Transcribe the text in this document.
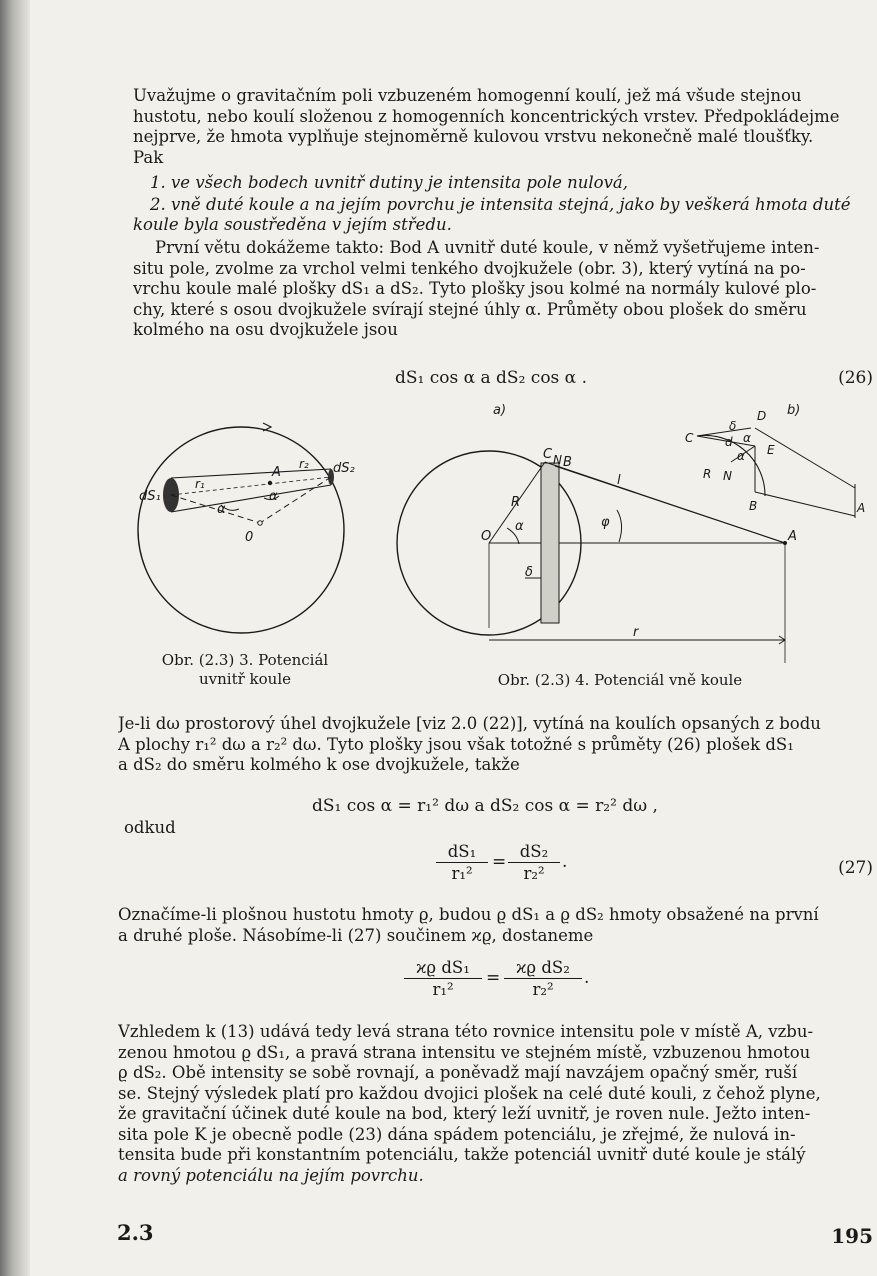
Uvažujme o gravitačním poli vzbuzeném homogenní koulí, jež má všude stejnou
hustotu, nebo koulí složenou z homogenních koncentrických vrstev. Předpokládejme
nejprve, že hmota vyplňuje stejnoměrně kulovou vrstvu nekonečně malé tloušťky.
Pak
1. ve všech bodech uvnitř dutiny je intensita pole nulová,
2. vně duté koule a na jejím povrchu je intensita stejná, jako by veškerá hmota duté
koule byla soustředěna v jejím středu.
První větu dokážeme takto: Bod A uvnitř duté koule, v němž vyšetřujeme inten-
situ pole, zvolme za vrchol velmi tenkého dvojkužele (obr. 3), který vytíná na po-
vrchu koule malé plošky dS₁ a dS₂. Tyto plošky jsou kolmé na normály kulové plo-
chy, které s osou dvojkužele svírají stejné úhly α. Průměty obou plošek do směru
kolmého na osu dvojkužele jsou
dS₁ cos α a dS₂ cos α .	(26)
dS₁
dS₂
r₁
r₂
A
0
α
α
Obr. (2.3) 3. Potenciál
uvnitř koule
a)	b)
C N B
l
R
O
α	φ
δ
A
r
C
D
δ
d α
α E
R N
B	A
Obr. (2.3) 4. Potenciál vně koule
Je-li dω prostorový úhel dvojkužele [viz 2.0 (22)], vytíná na koulích opsaných z bodu
A plochy r₁² dω a r₂² dω. Tyto plošky jsou však totožné s průměty (26) plošek dS₁
a dS₂ do směru kolmého k ose dvojkužele, takže
dS₁ cos α = r₁² dω a dS₂ cos α = r₂² dω ,
odkud
$\frac{\text{dS₁}}{\text{r₁²}} = \frac{\text{dS₂}}{\text{r₂²}}$ .	(27)
Označíme-li plošnou hustotu hmoty ϱ, budou ϱ dS₁ a ϱ dS₂ hmoty obsažené na první
a druhé ploše. Násobíme-li (27) součinem ϰϱ, dostaneme
$\frac{\text{ϰϱ dS₁}}{\text{r₁²}} = \frac{\text{ϰϱ dS₂}}{\text{r₂²}}$ .
Vzhledem k (13) udává tedy levá strana této rovnice intensitu pole v místě A, vzbu-
zenou hmotou ϱ dS₁, a pravá strana intensitu ve stejném místě, vzbuzenou hmotou
ϱ dS₂. Obě intensity se sobě rovnají, a poněvadž mají navzájem opačný směr, ruší
se. Stejný výsledek platí pro každou dvojici plošek na celé duté kouli, z čehož plyne,
že gravitační účinek duté koule na bod, který leží uvnitř, je roven nule. Ježto inten-
sita pole K je obecně podle (23) dána spádem potenciálu, je zřejmé, že nulová in-
tensita bude při konstantním potenciálu, takže potenciál uvnitř duté koule je stálý
a rovný potenciálu na jejím povrchu.
2.3	195
